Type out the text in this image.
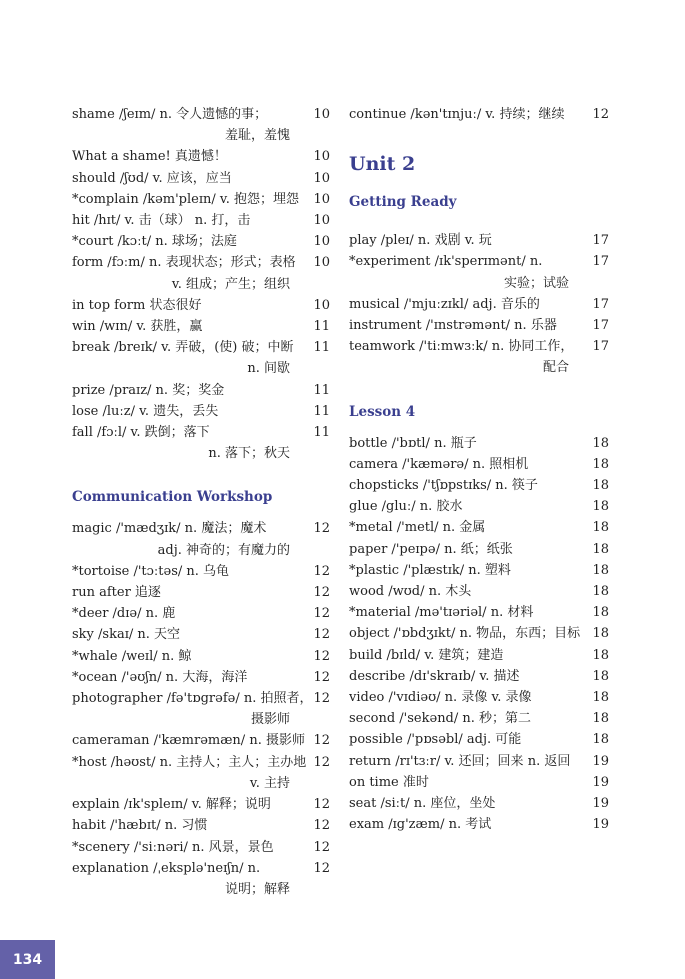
shame /ʃeɪm/ n. 令人遗憾的事；
羞耻，羞愧
10
What a shame! 真遗憾！	10
should /ʃʊd/ v. 应该，应当	10
*complain /kəm'pleɪn/ v. 抱怨；埋怨	10
hit /hɪt/ v. 击（球） n. 打，击	10
*court /kɔːt/ n. 球场；法庭	10
form /fɔːm/ n. 表现状态；形式；表格
v. 组成；产生；组织
10
in top form 状态很好	10
win /wɪn/ v. 获胜，赢	11
break /breɪk/ v. 弄破，(使) 破；中断
n. 间歇
11
prize /praɪz/ n. 奖；奖金	11
lose /luːz/ v. 遗失，丢失	11
fall /fɔːl/ v. 跌倒；落下
n. 落下；秋天
11
Communication Workshop
magic /'mædʒɪk/ n. 魔法；魔术
adj. 神奇的；有魔力的
12
*tortoise /'tɔːtəs/ n. 乌龟	12
run after 追逐	12
*deer /dɪə/ n. 鹿	12
sky /skaɪ/ n. 天空	12
*whale /weɪl/ n. 鲸	12
*ocean /'əʊʃn/ n. 大海，海洋	12
photographer /fə'tɒgrəfə/ n. 拍照者，
摄影师
12
cameraman /'kæmrəmæn/ n. 摄影师 12
*host /həʊst/ n. 主持人；主人；主办地
v. 主持
12
explain /ɪk'spleɪn/ v. 解释；说明	12
habit /'hæbɪt/ n. 习惯	12
*scenery /'siːnəri/ n. 风景，景色	12
explanation /ˌeksplə'neɪʃn/ n.
说明；解释
12
continue /kən'tɪnjuː/ v. 持续；继续	12
Unit 2
Getting Ready
play /pleɪ/ n. 戏剧 v. 玩	17
*experiment /ɪk'sperɪmənt/ n.
实验；试验
17
musical /'mjuːzɪkl/ adj. 音乐的	17
instrument /'ɪnstrəmənt/ n. 乐器	17
teamwork /'tiːmwɜːk/ n. 协同工作，
配合
17
Lesson 4
bottle /'bɒtl/ n. 瓶子	18
camera /'kæmərə/ n. 照相机	18
chopsticks /'tʃɒpstɪks/ n. 筷子	18
glue /gluː/ n. 胶水	18
*metal /'metl/ n. 金属	18
paper /'peɪpə/ n. 纸；纸张	18
*plastic /'plæstɪk/ n. 塑料	18
wood /wʊd/ n. 木头	18
*material /mə'tɪəriəl/ n. 材料	18
object /'ɒbdʒɪkt/ n. 物品，东西；目标 18
build /bɪld/ v. 建筑；建造	18
describe /dɪ'skraɪb/ v. 描述	18
video /'vɪdiəʊ/ n. 录像 v. 录像	18
second /'sekənd/ n. 秒；第二	18
possible /'pɒsəbl/ adj. 可能	18
return /rɪ'tɜːr/ v. 还回；回来 n. 返回	19
on time 准时	19
seat /siːt/ n. 座位，坐处	19
exam /ɪg'zæm/ n. 考试	19
134
